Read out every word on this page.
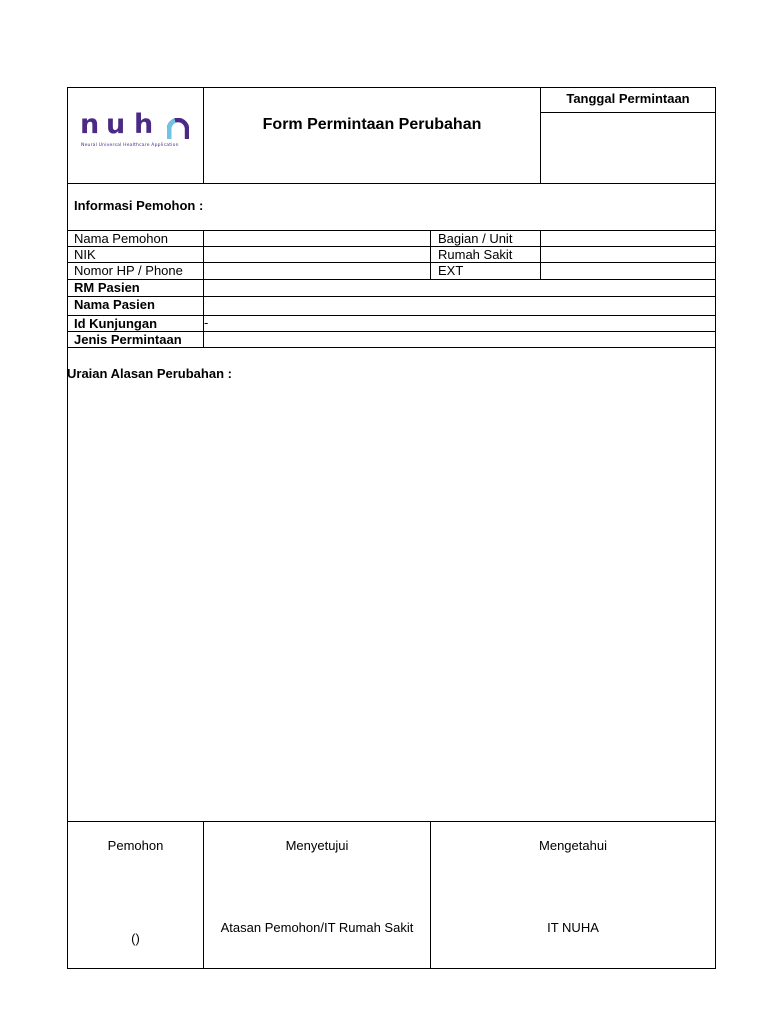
n
u h
Neural Universal Healthcare Application
Form Permintaan Perubahan
Tanggal Permintaan
Informasi Pemohon :
Nama Pemohon
NIK
Nomor HP / Phone
Bagian / Unit
Rumah Sakit
EXT
RM Pasien
Nama Pasien
Id Kunjungan	-
Jenis Permintaan
Uraian Alasan Perubahan :
Pemohon
()
Menyetujui
Atasan Pemohon/IT Rumah Sakit
Mengetahui
IT NUHA
